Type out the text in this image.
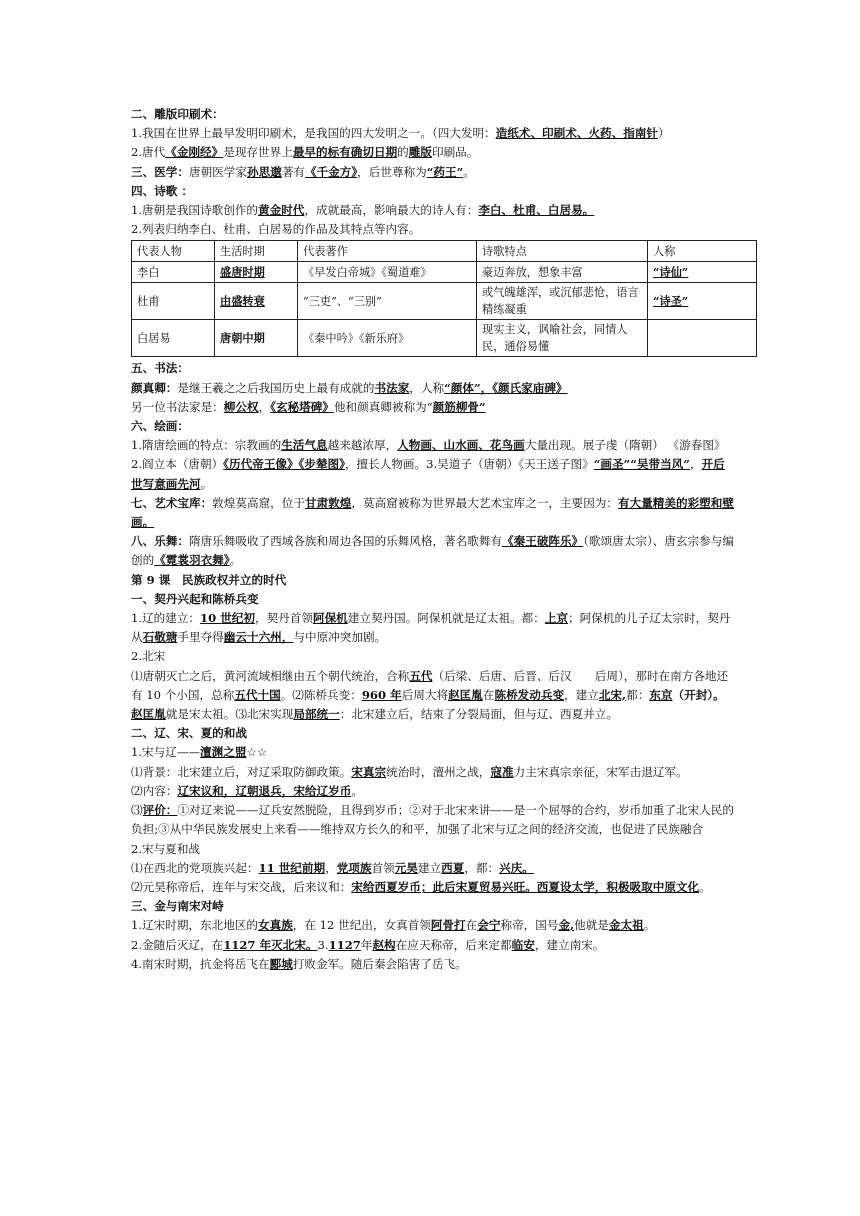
二、雕版印刷术：

1.我国在世界上最早发明印刷术，是我国的四大发明之一。（四大发明：造纸术、印刷术、火药、指南针）

2.唐代《金刚经》是现存世界上最早的标有确切日期的雕版印刷品。

三、医学：唐朝医学家孙思邈著有《千金方》，后世尊称为“药王”。

四、诗歌 ：

1.唐朝是我国诗歌创作的黄金时代，成就最高，影响最大的诗人有：李白、杜甫、白居易。

2.列表归纳李白、杜甫、白居易的作品及其特点等内容。

代表人物	生活时期	代表著作	诗歌特点	人称
李白	盛唐时期	《早发白帝城》《蜀道难》	豪迈奔放，想象丰富	“诗仙”
杜甫	由盛转衰	“三吏”、“三别”	或气魄雄浑，或沉郁悲怆，语言精练凝重	“诗圣”
白居易	唐朝中期	《秦中吟》《新乐府》	现实主义，讽喻社会，同情人民，通俗易懂	

五、书法：

颜真卿：是继王羲之之后我国历史上最有成就的书法家，人称“颜体”，《颜氏家庙碑》

另一位书法家是：柳公权，《玄秘塔碑》他和颜真卿被称为“颜筋柳骨”

六、绘画：

1.隋唐绘画的特点：宗教画的生活气息越来越浓厚，人物画、山水画、花鸟画大量出现。展子虔（隋朝） 《游春图》　2.阎立本（唐朝）《历代帝王像》《步辇图》，擅长人物画。3.吴道子（唐朝）《天王送子图》“画圣”“吴带当风”，开后世写意画先河。

七、艺术宝库：敦煌莫高窟，位于甘肃敦煌，莫高窟被称为世界最大艺术宝库之一，主要因为：有大量精美的彩塑和壁画。

八、乐舞：隋唐乐舞吸收了西域各族和周边各国的乐舞风格，著名歌舞有《秦王破阵乐》（歌颂唐太宗）、唐玄宗参与编创的《霓裳羽衣舞》。

第 9 课　民族政权并立的时代

一、契丹兴起和陈桥兵变

1.辽的建立：10 世纪初，契丹首领阿保机建立契丹国。阿保机就是辽太祖。都：上京；阿保机的儿子辽太宗时，契丹从石敬瑭手里夺得幽云十六州，与中原冲突加剧。

2.北宋

⑴唐朝灭亡之后，黄河流域相继由五个朝代统治，合称五代（后梁、后唐、后晋、后汉　　后周），那时在南方各地还有 10 个小国，总称五代十国。⑵陈桥兵变：960 年后周大将赵匡胤在陈桥发动兵变，建立北宋,都：东京（开封）。赵匡胤就是宋太祖。⑶北宋实现局部统一：北宋建立后，结束了分裂局面，但与辽、西夏并立。

二、辽、宋、夏的和战

1.宋与辽——澶渊之盟☆☆

⑴背景：北宋建立后，对辽采取防御政策。宋真宗统治时，澶州之战，寇准力主宋真宗亲征，宋军击退辽军。

⑵内容：辽宋议和，辽朝退兵，宋给辽岁币。

⑶评价：①对辽来说——辽兵安然脱险，且得到岁币；②对于北宋来讲——是一个屈辱的合约，岁币加重了北宋人民的负担;③从中华民族发展史上来看——维持双方长久的和平，加强了北宋与辽之间的经济交流，也促进了民族融合

2.宋与夏和战

⑴在西北的党项族兴起：11 世纪前期，党项族首领元昊建立西夏，都：兴庆。

⑵元昊称帝后，连年与宋交战，后来议和：宋给西夏岁币；此后宋夏贸易兴旺。西夏设太学，积极吸取中原文化。

三、金与南宋对峙

1.辽宋时期，东北地区的女真族，在 12 世纪出，女真首领阿骨打在会宁称帝，国号金,他就是金太祖。

2.金随后灭辽，在1127 年灭北宋。3.1127年赵构在应天称帝，后来定都临安，建立南宋。

4.南宋时期，抗金将岳飞在郾城打败金军。随后秦会陷害了岳飞。
